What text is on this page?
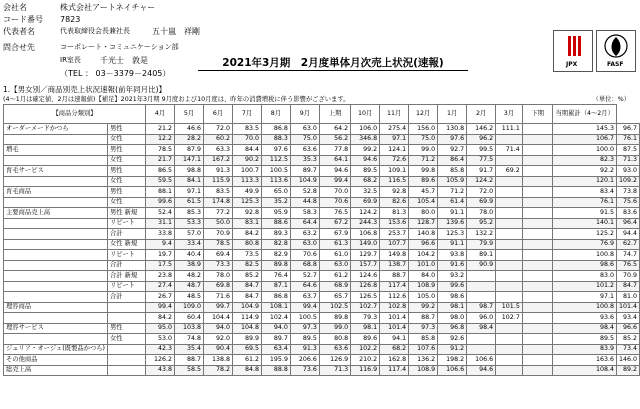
会社名	株式会社アートネイチャー
コード番号 7823
代表者名	代表取締役会長兼社長	五十嵐　祥剛
問合せ先	コーポレート・コミュニケーション部
IR室長 千光士　敦是
（TEL ： 03－3379－2405）
2021年3月期　2月度単体月次売上状況(速報)	JPX	FASF
1.【男女別／商品別売上状況速報(前年同月比)】
(4～1月は確定値、2月は速報値)【補足】2021年3月期 9月度および10月度は、昨年の消費増税に伴う影響がございます。	（単位：%）
【商品分類別】		4月	5月	6月	7月	8月	9月	上期	10月	11月	12月	1月	2月	3月	下期	当期累計（4～2月）	
オーダーメードかつら	男性	21.2	46.6	72.0	83.5	86.8	63.0	64.2	106.0	275.4	156.0	130.8	146.2	111.1		145.3	96.7
	女性	12.2	28.2	60.2	70.0	88.3	75.0	56.2	346.8	97.1	75.0	97.6	96.2			106.7	76.1
増毛	男性	78.5	87.9	63.3	84.4	97.6	63.6	77.8	99.2	124.1	99.0	92.7	99.5	71.4		100.0	87.5
	女性	21.7	147.1	167.2	90.2	112.5	35.3	64.1	94.6	72.6	71.2	86.4	77.5			82.3	71.3
育毛サービス	男性	86.5	98.8	91.3	100.7	100.5	89.7	94.6	89.5	109.1	99.8	85.8	91.7	69.2		92.2	93.0
	女性	59.5	84.1	115.9	113.3	113.6	104.9	99.4	68.2	116.5	89.6	105.9	124.2			120.1	109.2
育毛商品	男性	88.1	97.1	83.5	49.9	65.0	52.8	70.0	32.5	92.8	45.7	71.2	72.0			83.4	73.8
	女性	99.6	61.5	174.8	125.3	35.2	44.8	70.6	69.9	82.6	105.4	61.4	69.9			76.1	75.6
主要商品売上高	男性 新規	52.4	85.3	77.2	92.8	95.9	58.3	76.5	124.2	81.3	80.0	91.1	78.0			91.5	83.6
	リピート	31.1	53.3	50.0	83.1	88.6	64.4	67.2	244.3	153.6	128.7	139.6	95.2			140.1	96.4
	合計	33.8	57.0	70.9	84.2	89.3	63.2	67.9	106.8	253.7	140.8	125.3	132.2			125.2	94.4
	女性 新規	9.4	33.4	78.5	80.8	82.8	63.0	61.3	149.0	107.7	96.6	91.1	79.9			76.9	62.7
	リピート	19.7	40.4	69.4	73.5	82.9	70.6	61.0	129.7	149.8	104.2	93.8	89.1			100.8	74.7
	合計	17.5	38.9	73.3	82.5	89.8	68.8	63.0	157.7	138.7	101.0	91.6	90.9			98.6	76.5
	合計 新規	23.8	48.2	78.0	85.2	76.4	52.7	61.2	124.6	88.7	84.0	93.2				83.0	70.9
	リピート	27.4	48.7	69.8	84.7	87.1	64.6	68.9	126.8	117.4	108.9	99.6				101.2	84.7
	合計	26.7	48.5	71.6	84.7	86.8	63.7	65.7	126.5	112.6	105.0	98.6				97.1	81.0
理容商品		99.4	109.0	99.7	104.9	108.1	99.4	102.5	102.7	102.8	99.2	98.1	98.7	101.5		100.8	101.4
		84.2	60.4	104.4	114.9	102.4	100.5	89.8	79.3	101.4	88.7	98.0	96.0	102.7		93.6	93.4
理容サービス	男性	95.0	103.8	94.0	104.8	94.0	97.3	99.0	98.1	101.4	97.3	96.8	98.4			98.4	96.6
	女性	53.0	74.8	92.0	89.9	89.7	89.5	80.8	89.6	94.1	85.8	92.6				89.5	85.2
ジュリア・オージェ(既製品かつら)		42.3	35.4	90.4	69.5	63.4	91.3	63.6	102.2	68.2	107.6	91.2				83.9	73.4
その他商品		126.2	88.7	138.8	61.2	195.9	206.6	126.9	210.2	162.8	136.2	198.2	106.6			163.6	146.0
総売上高		43.8	58.5	78.2	84.8	88.8	73.6	71.3	116.9	117.4	108.9	106.6	94.6			108.4	89.2
